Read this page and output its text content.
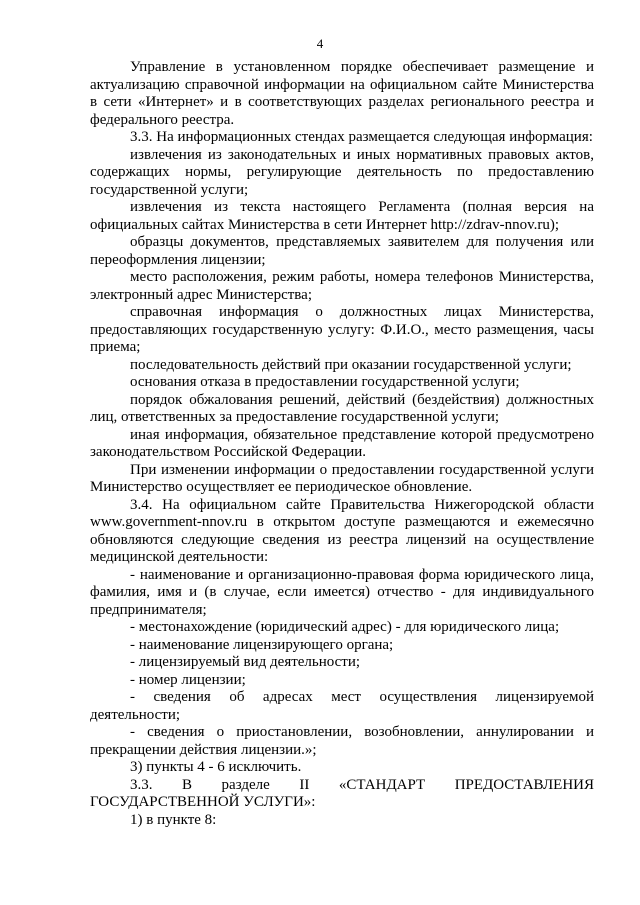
4

Управление в установленном порядке обеспечивает размещение и актуализацию справочной информации на официальном сайте Министерства в сети «Интернет» и в соответствующих разделах регионального реестра и федерального реестра.

3.3. На информационных стендах размещается следующая информация:

извлечения из законодательных и иных нормативных правовых актов, содержащих нормы, регулирующие деятельность по предоставлению государственной услуги;

извлечения из текста настоящего Регламента (полная версия на официальных сайтах Министерства в сети Интернет http://zdrav-nnov.ru);

образцы документов, представляемых заявителем для получения или переоформления лицензии;

место расположения, режим работы, номера телефонов Министерства, электронный адрес Министерства;

справочная информация о должностных лицах Министерства, предоставляющих государственную услугу: Ф.И.О., место размещения, часы приема;

последовательность действий при оказании государственной услуги;

основания отказа в предоставлении государственной услуги;

порядок обжалования решений, действий (бездействия) должностных лиц, ответственных за предоставление государственной услуги;

иная информация, обязательное представление которой предусмотрено законодательством Российской Федерации.

При изменении информации о предоставлении государственной услуги Министерство осуществляет ее периодическое обновление.

3.4. На официальном сайте Правительства Нижегородской области www.government-nnov.ru в открытом доступе размещаются и ежемесячно обновляются следующие сведения из реестра лицензий на осуществление медицинской деятельности:

- наименование и организационно-правовая форма юридического лица, фамилия, имя и (в случае, если имеется) отчество - для индивидуального предпринимателя;

- местонахождение (юридический адрес) - для юридического лица;

- наименование лицензирующего органа;

- лицензируемый вид деятельности;

- номер лицензии;

- сведения об адресах мест осуществления лицензируемой деятельности;

- сведения о приостановлении, возобновлении, аннулировании и прекращении действия лицензии.»;

3) пункты 4 - 6 исключить.

3.3. В разделе II «СТАНДАРТ ПРЕДОСТАВЛЕНИЯ ГОСУДАРСТВЕННОЙ УСЛУГИ»:

1) в пункте 8:
